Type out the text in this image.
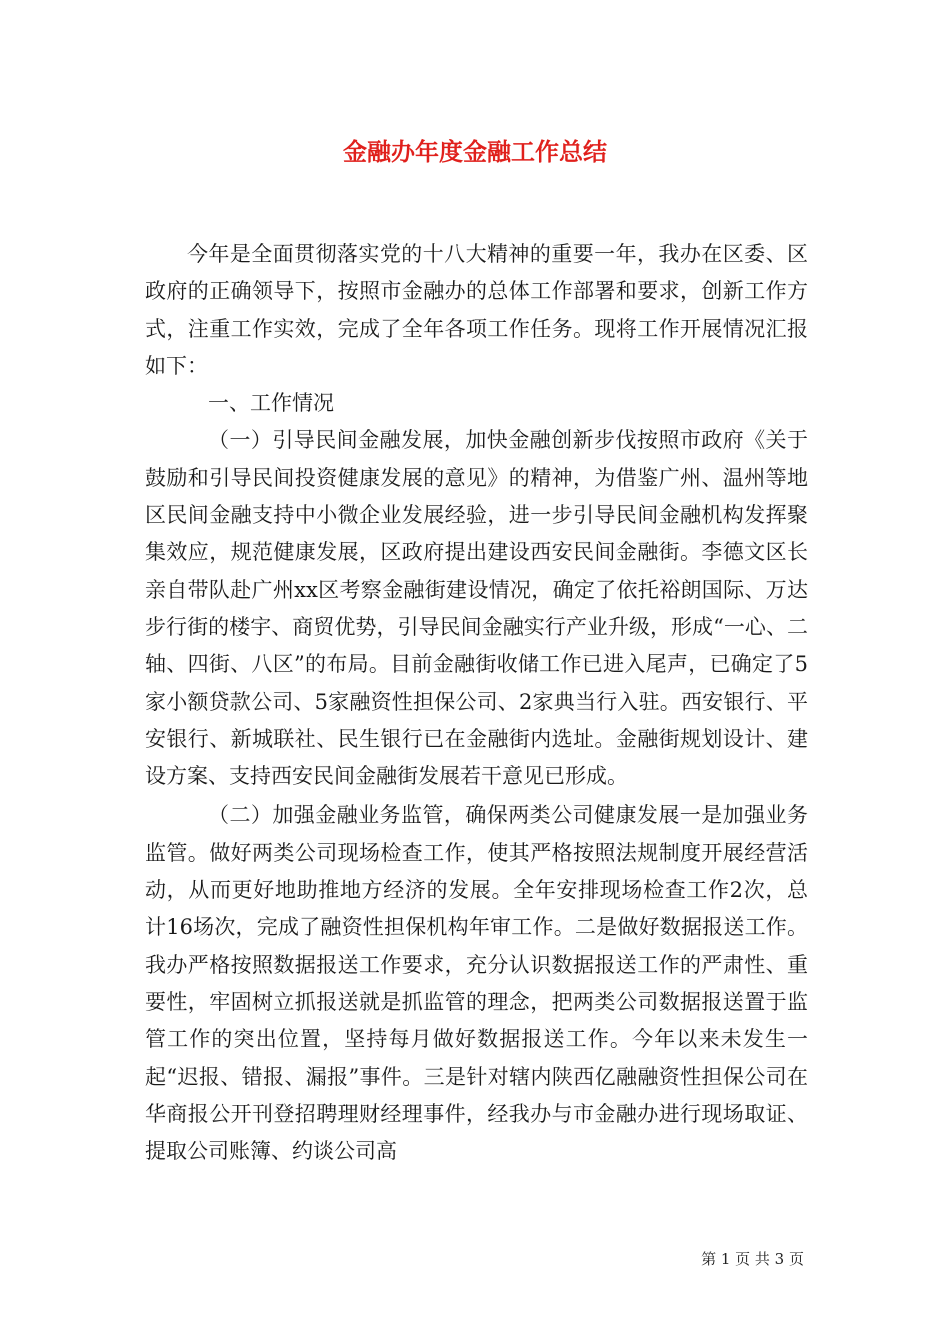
金融办年度金融工作总结

今年是全面贯彻落实党的十八大精神的重要一年，我办在区委、区政府的正确领导下，按照市金融办的总体工作部署和要求，创新工作方式，注重工作实效，完成了全年各项工作任务。现将工作开展情况汇报如下：

一、工作情况

（一）引导民间金融发展，加快金融创新步伐按照市政府《关于鼓励和引导民间投资健康发展的意见》的精神，为借鉴广州、温州等地区民间金融支持中小微企业发展经验，进一步引导民间金融机构发挥聚集效应，规范健康发展，区政府提出建设西安民间金融街。李德文区长亲自带队赴广州xx区考察金融街建设情况，确定了依托裕朗国际、万达步行街的楼宇、商贸优势，引导民间金融实行产业升级，形成“一心、二轴、四街、八区”的布局。目前金融街收储工作已进入尾声，已确定了5家小额贷款公司、5家融资性担保公司、2家典当行入驻。西安银行、平安银行、新城联社、民生银行已在金融街内选址。金融街规划设计、建设方案、支持西安民间金融街发展若干意见已形成。

（二）加强金融业务监管，确保两类公司健康发展一是加强业务监管。做好两类公司现场检查工作，使其严格按照法规制度开展经营活动，从而更好地助推地方经济的发展。全年安排现场检查工作2次，总计16场次，完成了融资性担保机构年审工作。二是做好数据报送工作。我办严格按照数据报送工作要求，充分认识数据报送工作的严肃性、重要性，牢固树立抓报送就是抓监管的理念，把两类公司数据报送置于监管工作的突出位置，坚持每月做好数据报送工作。今年以来未发生一起“迟报、错报、漏报”事件。三是针对辖内陕西亿融融资性担保公司在华商报公开刊登招聘理财经理事件，经我办与市金融办进行现场取证、提取公司账簿、约谈公司高

第 1 页 共 3 页
